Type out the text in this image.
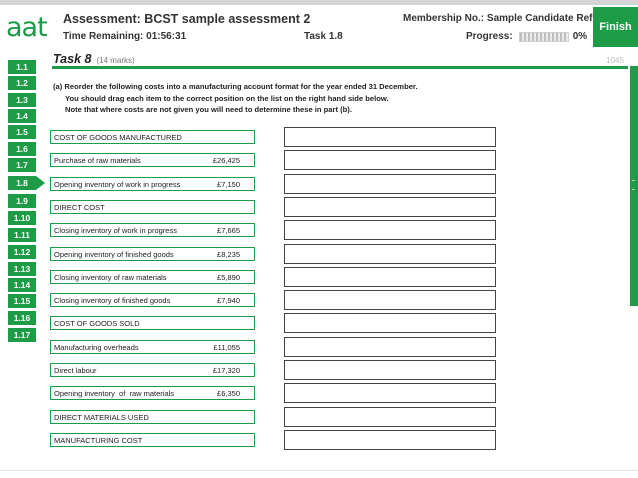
aat Assessment: BCST sample assessment 2
Time Remaining: 01:56:31	Task 1.8
Membership No.: Sample Candidate Ref
Progress:	0%
Finish
Task 8 (14 marks)	1045
1.1
1.2
1.3
1.4
1.5
1.6
1.7
1.8
1.9
1.10
1.11
1.12
1.13
1.14
1.15
1.16
1.17
(a) Reorder the following costs into a manufacturing account format for the year ended 31 December.
You should drag each item to the correct position on the list on the right hand side below.
Note that where costs are not given you will need to determine these in part (b).
COST OF GOODS MANUFACTURED
Purchase of raw materials	£26,425
Opening inventory of work in progress	£7,150
DIRECT COST
Closing inventory of work in progress	£7,665
Opening inventory of finished goods	£8,235
Closing inventory of raw materials	£5,890
Closing inventory of finished goods	£7,940
COST OF GOODS SOLD
Manufacturing overheads	£11,055
Direct labour	£17,320
Opening inventory  of  raw materials	£6,350
DIRECT MATERIALS USED
MANUFACTURING COST
